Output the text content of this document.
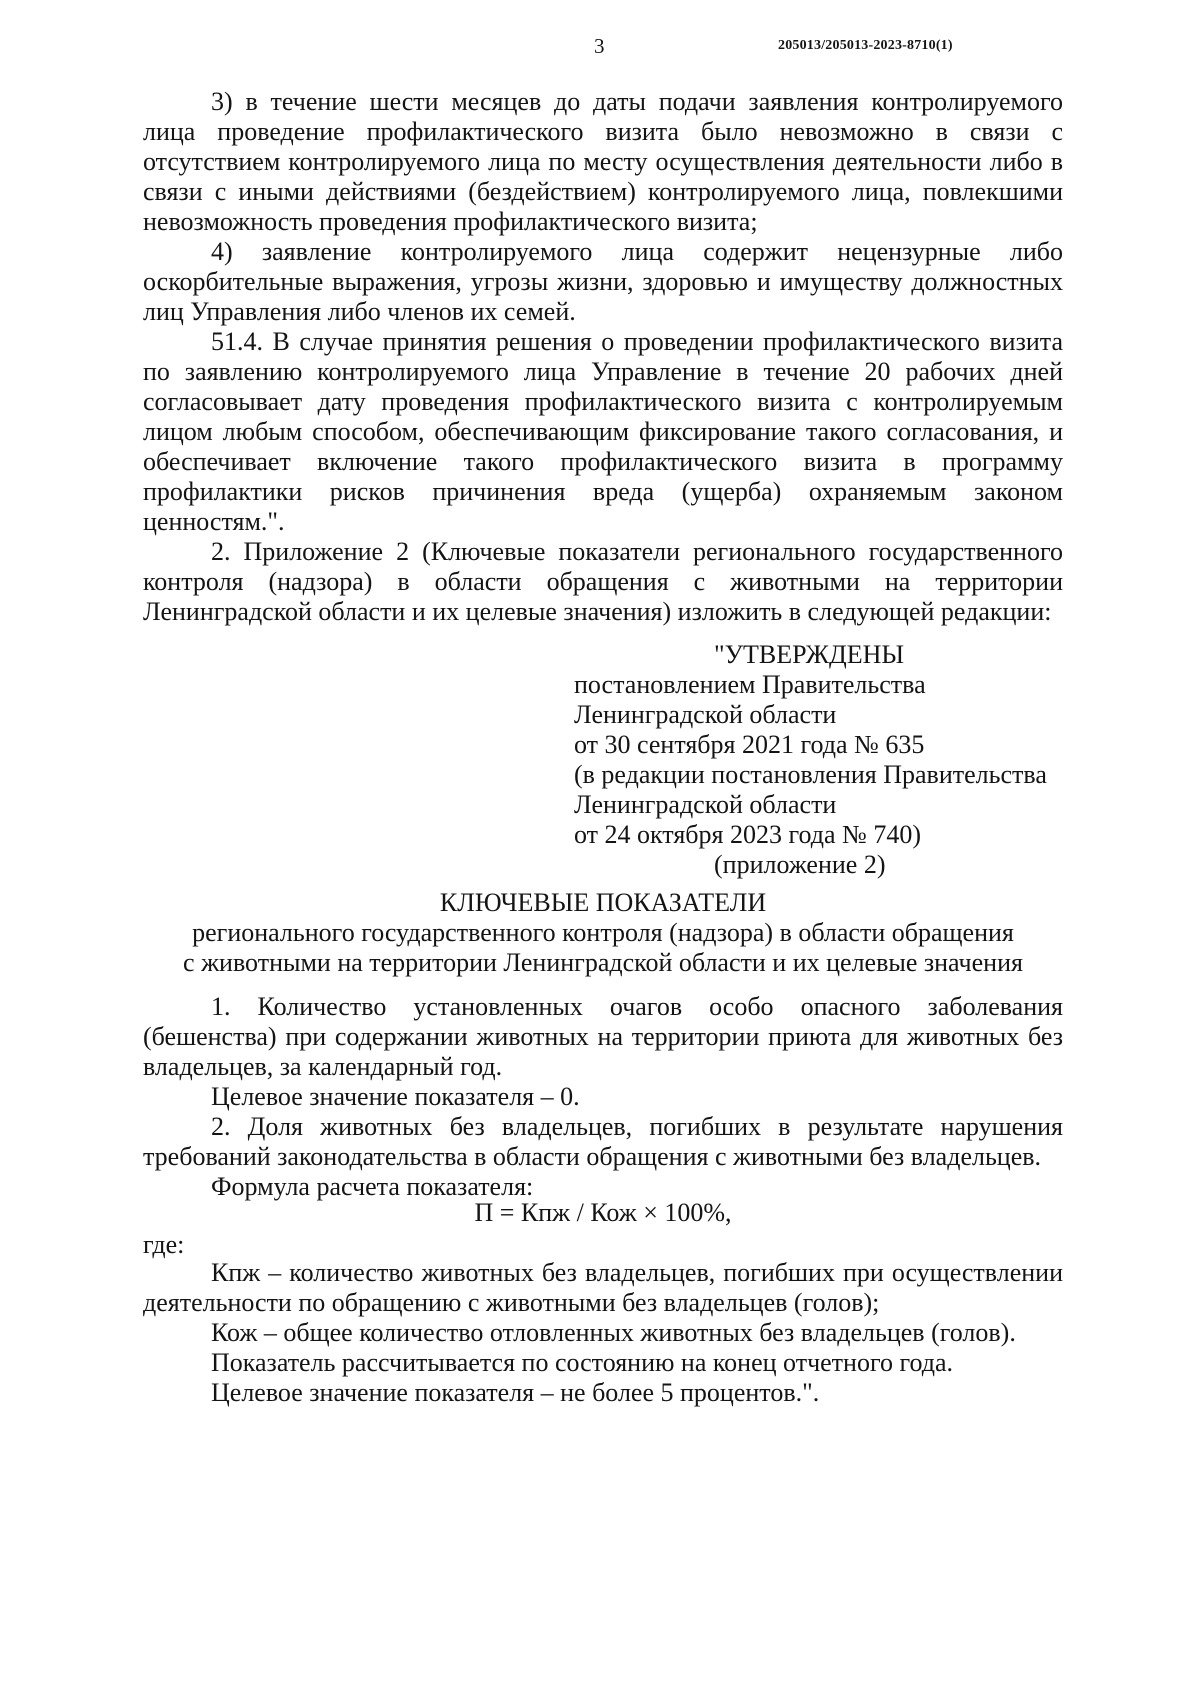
3	205013/205013-2023-8710(1)

3) в течение шести месяцев до даты подачи заявления контролируемого лица проведение профилактического визита было невозможно в связи с отсутствием контролируемого лица по месту осуществления деятельности либо в связи с иными действиями (бездействием) контролируемого лица, повлекшими невозможность проведения профилактического визита;

4) заявление контролируемого лица содержит нецензурные либо оскорбительные выражения, угрозы жизни, здоровью и имуществу должностных лиц Управления либо членов их семей.

51.4. В случае принятия решения о проведении профилактического визита по заявлению контролируемого лица Управление в течение 20 рабочих дней согласовывает дату проведения профилактического визита с контролируемым лицом любым способом, обеспечивающим фиксирование такого согласования, и обеспечивает включение такого профилактического визита в программу профилактики рисков причинения вреда (ущерба) охраняемым законом ценностям.".

2. Приложение 2 (Ключевые показатели регионального государственного контроля (надзора) в области обращения с животными на территории Ленинградской области и их целевые значения) изложить в следующей редакции:

"УТВЕРЖДЕНЫ
постановлением Правительства
Ленинградской области
от 30 сентября 2021 года № 635
(в редакции постановления Правительства
Ленинградской области
от 24 октября 2023 года № 740)
(приложение 2)
КЛЮЧЕВЫЕ ПОКАЗАТЕЛИ
регионального государственного контроля (надзора) в области обращения
с животными на территории Ленинградской области и их целевые значения

1. Количество установленных очагов особо опасного заболевания (бешенства) при содержании животных на территории приюта для животных без владельцев, за календарный год.

Целевое значение показателя – 0.

2. Доля животных без владельцев, погибших в результате нарушения требований законодательства в области обращения с животными без владельцев.

Формула расчета показателя:

П = Кпж / Кож × 100%,
где:

Кпж – количество животных без владельцев, погибших при осуществлении деятельности по обращению с животными без владельцев (голов);

Кож – общее количество отловленных животных без владельцев (голов).

Показатель рассчитывается по состоянию на конец отчетного года.

Целевое значение показателя – не более 5 процентов.".
